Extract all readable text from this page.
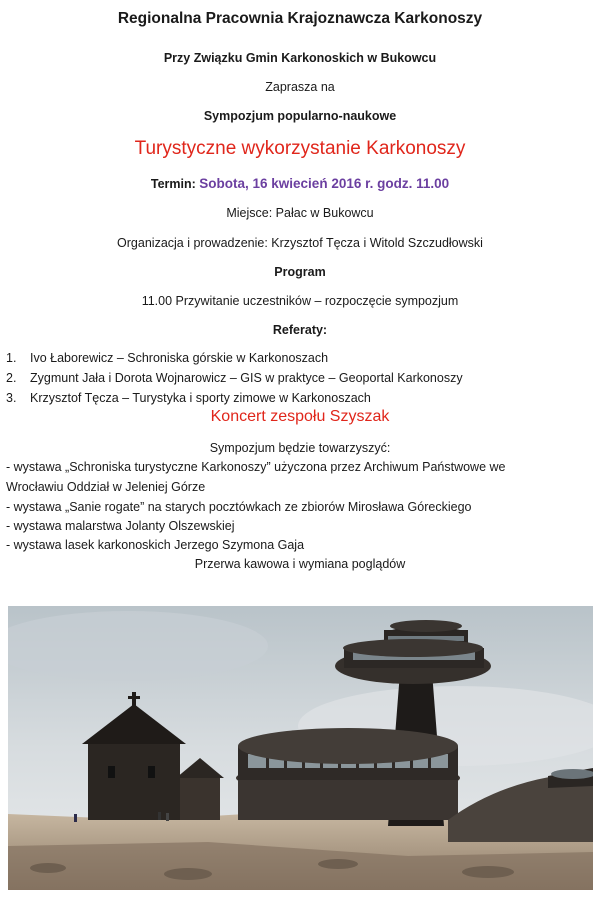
Regionalna Pracownia Krajoznawcza Karkonoszy
Przy Związku Gmin Karkonoskich w Bukowcu
Zaprasza na
Sympozjum popularno-naukowe
Turystyczne wykorzystanie Karkonoszy
Termin: Sobota, 16 kwiecień 2016 r. godz. 11.00
Miejsce: Pałac w Bukowcu
Organizacja i prowadzenie: Krzysztof Tęcza i Witold Szczudłowski
Program
11.00 Przywitanie uczestników – rozpoczęcie sympozjum
Referaty:
1. Ivo Łaborewicz – Schroniska górskie w Karkonoszach
2. Zygmunt Jała i Dorota Wojnarowicz – GIS w praktyce – Geoportal Karkonoszy
3. Krzysztof Tęcza – Turystyka i sporty zimowe w Karkonoszach
Koncert zespołu Szyszak
Sympozjum będzie towarzyszyć:
- wystawa „Schroniska turystyczne Karkonoszy” użyczona przez Archiwum Państwowe we
Wrocławiu Oddział w Jeleniej Górze
- wystawa „Sanie rogate” na starych pocztówkach ze zbiorów Mirosława Góreckiego
- wystawa malarstwa Jolanty Olszewskiej
- wystawa lasek karkonoskich Jerzego Szymona Gaja
Przerwa kawowa i wymiana poglądów
